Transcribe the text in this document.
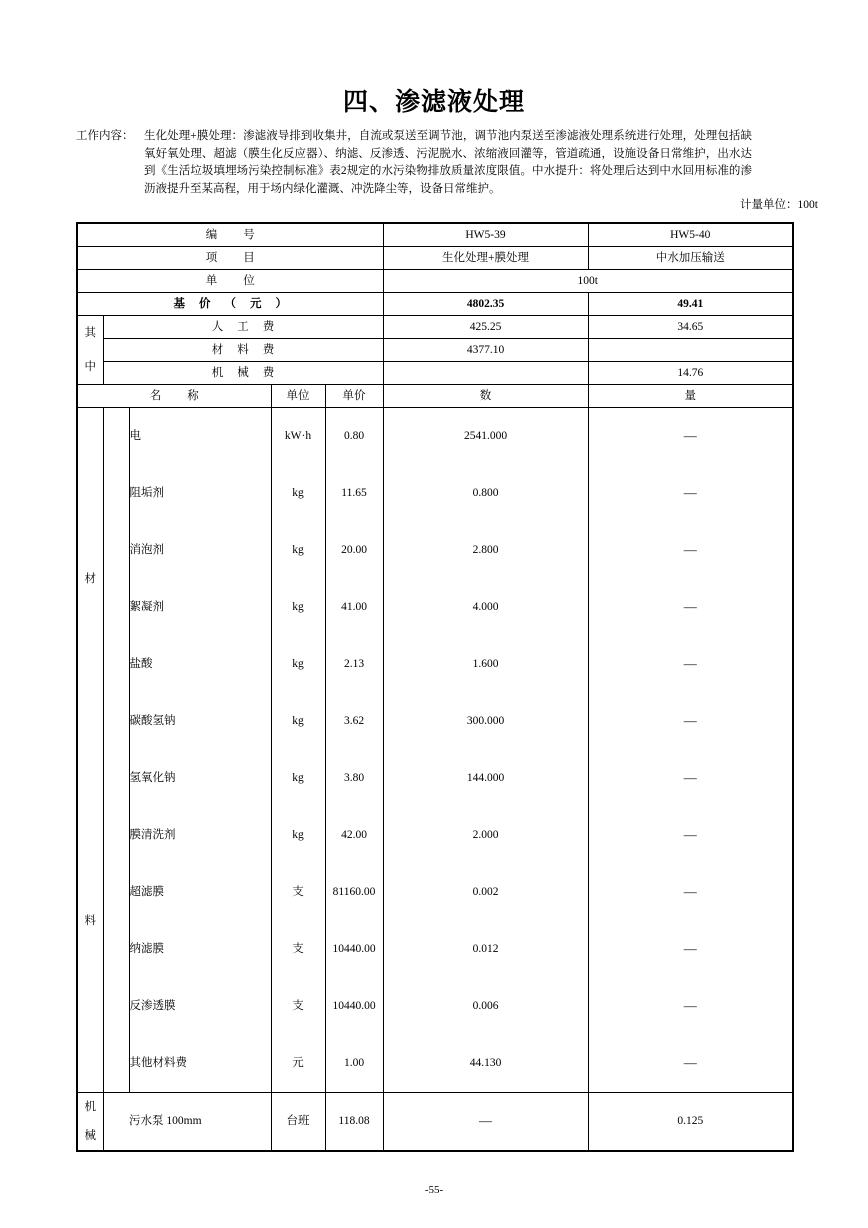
四、渗滤液处理
工作内容： 生化处理+膜处理：渗滤液导排到收集井，自流或泵送至调节池，调节池内泵送至渗滤液处理系统进行处理，处理包括缺氧好氧处理、超滤（膜生化反应器）、纳滤、反渗透、污泥脱水、浓缩液回灌等，管道疏通，设施设备日常维护，出水达到《生活垃圾填埋场污染控制标准》表2规定的水污染物排放质量浓度限值。中水提升：将处理后达到中水回用标准的渗沥液提升至某高程，用于场内绿化灌溉、冲洗降尘等，设备日常维护。
计量单位：100t
编号					HW5-39	HW5-40
项目					生化处理+膜处理	中水加压输送
单位					100t	
基价（元）					4802.35	49.41

其
中	人工费				425.25	34.65
	材料费				4377.10	
	机械费					14.76
名称			单位	单价	数	量

材
料		电	kW·h	0.80	2541.000	—
		阻垢剂	kg	11.65	0.800	—
		消泡剂	kg	20.00	2.800	—
		絮凝剂	kg	41.00	4.000	—
		盐酸	kg	2.13	1.600	—
		碳酸氢钠	kg	3.62	300.000	—
		氢氧化钠	kg	3.80	144.000	—
		膜清洗剂	kg	42.00	2.000	—
		超滤膜	支	81160.00	0.002	—
		纳滤膜	支	10440.00	0.012	—
		反渗透膜	支	10440.00	0.006	—
		其他材料费	元	1.00	44.130	—

机
械		污水泵 100mm	台班	118.08	—	0.125
-55-
